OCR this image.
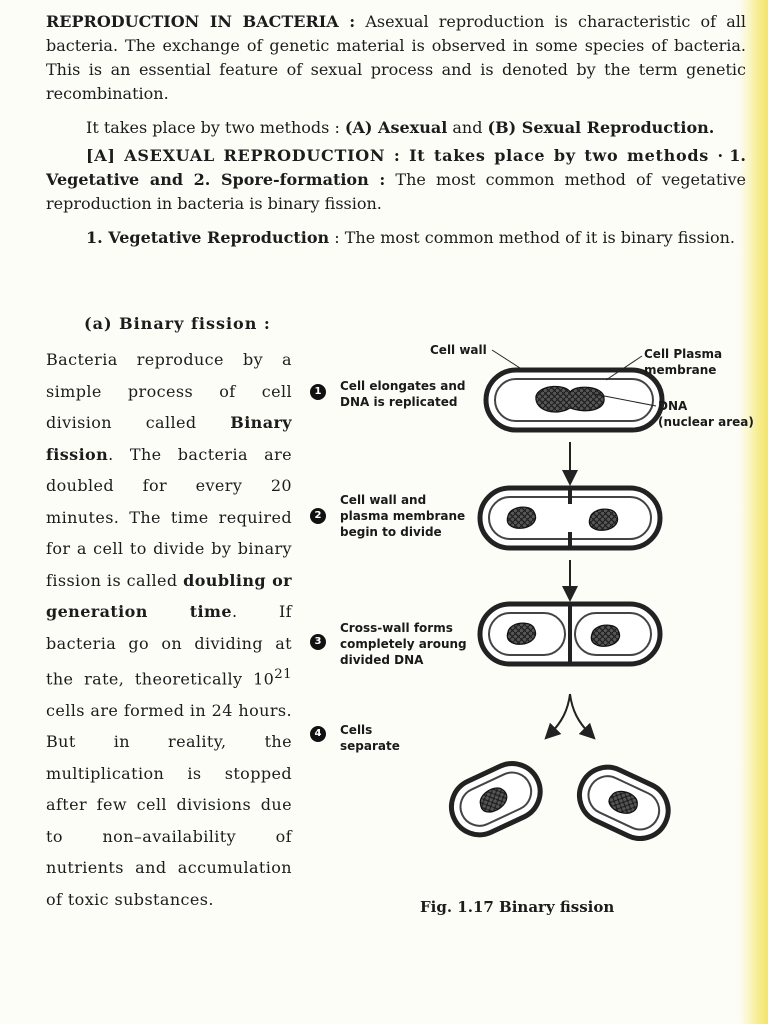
REPRODUCTION IN BACTERIA : Asexual reproduction is characteristic of all bacteria. The exchange of genetic material is observed in some species of bacteria. This is an essential feature of sexual process and is denoted by the term genetic recombination.

It takes place by two methods : (A) Asexual and (B) Sexual Reproduction.

[A] ASEXUAL REPRODUCTION : It takes place by two methods · 1. Vegetative and 2. Spore-formation : The most common method of vegetative reproduction in bacteria is binary fission.

1. Vegetative Reproduction : The most common method of it is binary fission.

(a) Binary fission :

Bacteria reproduce by a simple process of cell division called Binary fission. The bacteria are doubled for every 20 minutes. The time required for a cell to divide by binary fission is called doubling or generation time. If bacteria go on dividing at the rate, theoretically $10^{21}$ cells are formed in 24 hours. But in reality, the multiplication is stopped after few cell divisions due to non–availability of nutrients and accumulation of toxic substances.

Cell wall	Cell Plasma
membrane
DNA
(nuclear area)
1	Cell elongates and
DNA is replicated
2
Cell wall and
plasma membrane
begin to divide
3
Cross-wall forms
completely aroung
divided DNA
4	Cells
separate
Fig. 1.17 Binary fission
